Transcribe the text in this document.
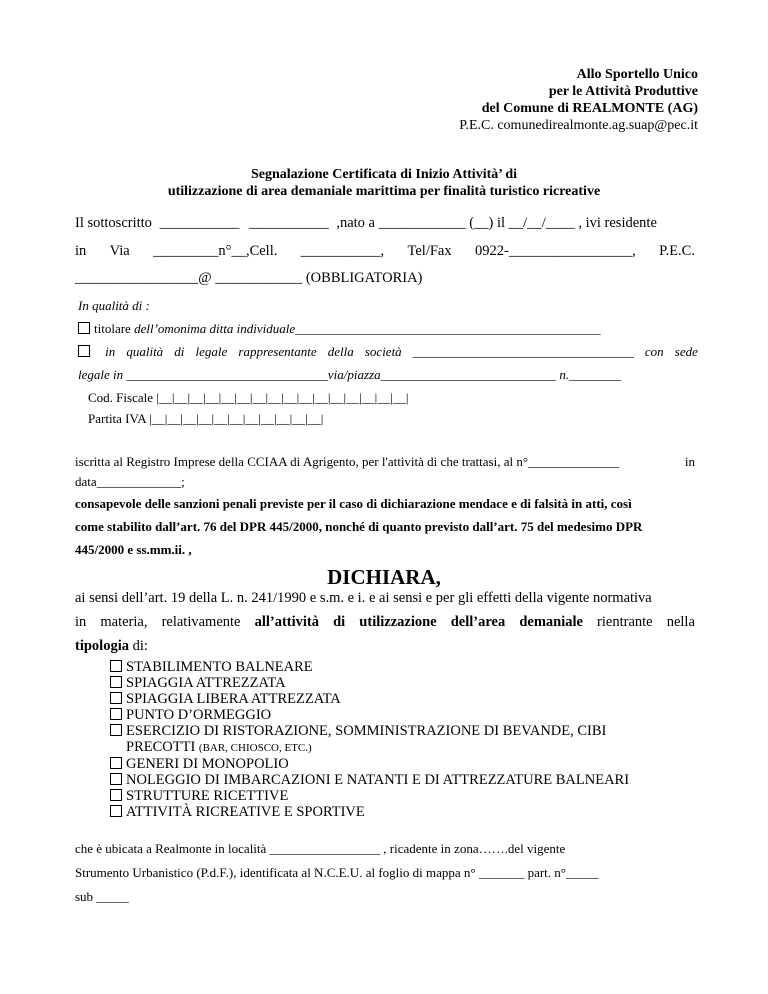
Allo Sportello Unico
per le Attività Produttive
del Comune di REALMONTE (AG)
P.E.C. comunedirealmonte.ag.suap@pec.it
Segnalazione Certificata di Inizio Attività’ di
utilizzazione di area demaniale marittima per finalità turistico ricreative
Il sottoscritto ___________ ___________ ,nato a ____________ (__) il __/__/____ , ivi residente
in Via _________n°__,Cell. ___________, Tel/Fax 0922-_________________, P.E.C.
_________________@ ____________ (OBBLIGATORIA)
In qualità di :
titolare dell’omonima ditta individuale_______________________________________________
in qualità di legale rappresentante della società __________________________________ con sede
legale in _______________________________via/piazza___________________________ n.________
Cod. Fiscale |__|__|__|__|__|__|__|__|__|__|__|__|__|__|__|__|
Partita IVA |__|__|__|__|__|__|__|__|__|__|__|
iscritta al Registro Imprese della CCIAA di Agrigento, per l'attività di che trattasi, al n°______________	in
data_____________;
consapevole delle sanzioni penali previste per il caso di dichiarazione mendace e di falsità in atti, così
come stabilito dall’art. 76 del DPR 445/2000, nonché di quanto previsto dall’art. 75 del medesimo DPR
445/2000 e ss.mm.ii. ,
DICHIARA,
ai sensi dell’art. 19 della L. n. 241/1990 e s.m. e i. e ai sensi e per gli effetti della vigente normativa
in materia, relativamente all’attività di utilizzazione dell’area demaniale rientrante nella
tipologia di:
STABILIMENTO BALNEARE
SPIAGGIA ATTREZZATA
SPIAGGIA LIBERA ATTREZZATA
PUNTO D’ORMEGGIO
ESERCIZIO DI RISTORAZIONE, SOMMINISTRAZIONE DI BEVANDE, CIBI
PRECOTTI (BAR, CHIOSCO, ETC.)
GENERI DI MONOPOLIO
NOLEGGIO DI IMBARCAZIONI E NATANTI E DI ATTREZZATURE BALNEARI
STRUTTURE RICETTIVE
ATTIVITÀ RICREATIVE E SPORTIVE
che è ubicata a Realmonte in località _________________ , ricadente in zona…….del vigente
Strumento Urbanistico (P.d.F.), identificata al N.C.E.U. al foglio di mappa n° _______ part. n°_____
sub _____
